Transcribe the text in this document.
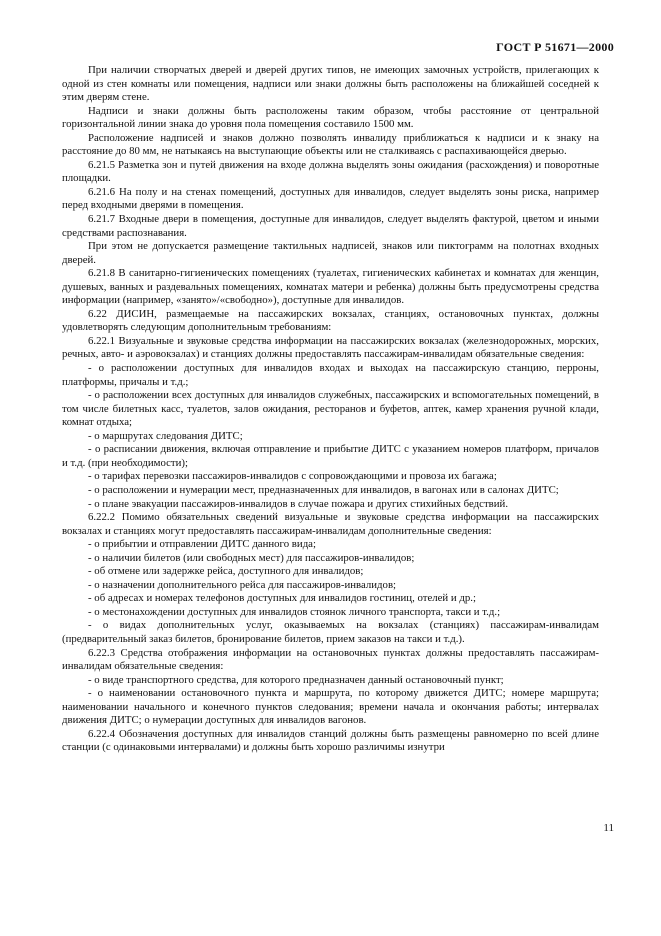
ГОСТ Р 51671—2000

При наличии створчатых дверей и дверей других типов, не имеющих замочных устройств, прилегающих к одной из стен комнаты или помещения, надписи или знаки должны быть расположены на ближайшей соседней к этим дверям стене.

Надписи и знаки должны быть расположены таким образом, чтобы расстояние от центральной горизонтальной линии знака до уровня пола помещения составило 1500 мм.

Расположение надписей и знаков должно позволять инвалиду приближаться к надписи и к знаку на расстояние до 80 мм, не натыкаясь на выступающие объекты или не сталкиваясь с распахивающейся дверью.

6.21.5 Разметка зон и путей движения на входе должна выделять зоны ожидания (расхождения) и поворотные площадки.

6.21.6 На полу и на стенах помещений, доступных для инвалидов, следует выделять зоны риска, например перед входными дверями в помещения.

6.21.7 Входные двери в помещения, доступные для инвалидов, следует выделять фактурой, цветом и иными средствами распознавания.

При этом не допускается размещение тактильных надписей, знаков или пиктограмм на полотнах входных дверей.

6.21.8 В санитарно-гигиенических помещениях (туалетах, гигиенических кабинетах и комнатах для женщин, душевых, ванных и раздевальных помещениях, комнатах матери и ребенка) должны быть предусмотрены средства информации (например, «занято»/«свободно»), доступные для инвалидов.

6.22 ДИСИН, размещаемые на пассажирских вокзалах, станциях, остановочных пунктах, должны удовлетворять следующим дополнительным требованиям:

6.22.1 Визуальные и звуковые средства информации на пассажирских вокзалах (железнодорожных, морских, речных, авто- и аэровокзалах) и станциях должны предоставлять пассажирам-инвалидам обязательные сведения:

- о расположении доступных для инвалидов входах и выходах на пассажирскую станцию, перроны, платформы, причалы и т.д.;

- о расположении всех доступных для инвалидов служебных, пассажирских и вспомогательных помещений, в том числе билетных касс, туалетов, залов ожидания, ресторанов и буфетов, аптек, камер хранения ручной клади, комнат отдыха;

- о маршрутах следования ДИТС;

- о расписании движения, включая отправление и прибытие ДИТС с указанием номеров платформ, причалов и т.д. (при необходимости);

- о тарифах перевозки пассажиров-инвалидов с сопровождающими и провоза их багажа;

- о расположении и нумерации мест, предназначенных для инвалидов, в вагонах или в салонах ДИТС;

- о плане эвакуации пассажиров-инвалидов в случае пожара и других стихийных бедствий.

6.22.2 Помимо обязательных сведений визуальные и звуковые средства информации на пассажирских вокзалах и станциях могут предоставлять пассажирам-инвалидам дополнительные сведения:

- о прибытии и отправлении ДИТС данного вида;

- о наличии билетов (или свободных мест) для пассажиров-инвалидов;

- об отмене или задержке рейса, доступного для инвалидов;

- о назначении дополнительного рейса для пассажиров-инвалидов;

- об адресах и номерах телефонов доступных для инвалидов гостиниц, отелей и др.;

- о местонахождении доступных для инвалидов стоянок личного транспорта, такси и т.д.;

- о видах дополнительных услуг, оказываемых на вокзалах (станциях) пассажирам-инвалидам (предварительный заказ билетов, бронирование билетов, прием заказов на такси и т.д.).

6.22.3 Средства отображения информации на остановочных пунктах должны предоставлять пассажирам-инвалидам обязательные сведения:

- о виде транспортного средства, для которого предназначен данный остановочный пункт;

- о наименовании остановочного пункта и маршрута, по которому движется ДИТС; номере маршрута; наименовании начального и конечного пунктов следования; времени начала и окончания работы; интервалах движения ДИТС; о нумерации доступных для инвалидов вагонов.

6.22.4 Обозначения доступных для инвалидов станций должны быть размещены равномерно по всей длине станции (с одинаковыми интервалами) и должны быть хорошо различимы изнутри

11
